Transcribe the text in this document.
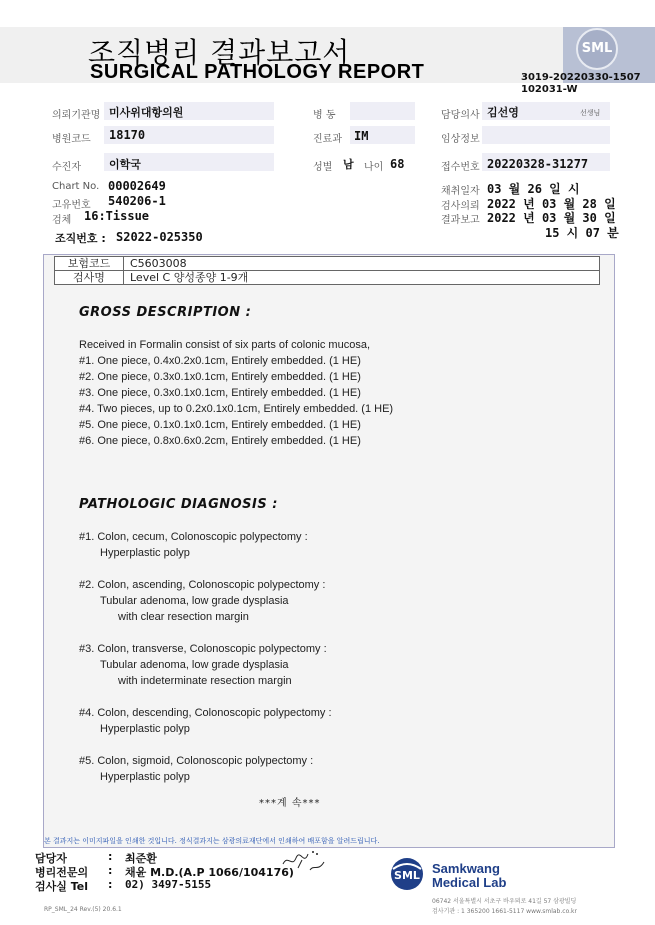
SML
조직병리 결과보고서
SURGICAL PATHOLOGY REPORT	3019-20220330-1507
102031-W
의뢰기관명 미사위대항의원	병 동	담당의사 김선영	선생님
병원코드 18170	진료과 IM	임상정보
수진자	이학국	성별 남 나이 68	접수번호 20220328-31277
Chart No. 00002649
고유번호 540206-1
검체 16:Tissue
채취일자 03 월 26 일 시
검사의뢰 2022 년 03 월 28 일
결과보고 2022 년 03 월 30 일
15 시 07 분
조직번호 : S2022-025350
보험코드	C5603008
검사명	Level C 양성종양 1-9개
GROSS DESCRIPTION :
Received in Formalin consist of six parts of colonic mucosa,
#1. One piece, 0.4x0.2x0.1cm, Entirely embedded. (1 HE)
#2. One piece, 0.3x0.1x0.1cm, Entirely embedded. (1 HE)
#3. One piece, 0.3x0.1x0.1cm, Entirely embedded. (1 HE)
#4. Two pieces, up to 0.2x0.1x0.1cm, Entirely embedded. (1 HE)
#5. One piece, 0.1x0.1x0.1cm, Entirely embedded. (1 HE)
#6. One piece, 0.8x0.6x0.2cm, Entirely embedded. (1 HE)
PATHOLOGIC DIAGNOSIS :
#1. Colon, cecum, Colonoscopic polypectomy :
Hyperplastic polyp
#2. Colon, ascending, Colonoscopic polypectomy :
Tubular adenoma, low grade dysplasia
with clear resection margin
#3. Colon, transverse, Colonoscopic polypectomy :
Tubular adenoma, low grade dysplasia
with indeterminate resection margin
#4. Colon, descending, Colonoscopic polypectomy :
Hyperplastic polyp
#5. Colon, sigmoid, Colonoscopic polypectomy :
Hyperplastic polyp
***계 속***
본 결과지는 이미지파일을 인쇄한 것입니다. 정식결과지는 삼광의료재단에서 인쇄하여 배포함을 알려드립니다.
담당자	: 최준환
병리전문의 : 채윤 M.D.(A.P 1066/104176)
검사실 Tel : 02) 3497-5155
RP_SML_24 Rev.(5) 20.6.1
SML Samkwang
Medical Lab
06742 서울특별시 서초구 바우뫼로 41길 57 삼광빌딩
검사기관 : 1 365200 1661-5117 www.smlab.co.kr
